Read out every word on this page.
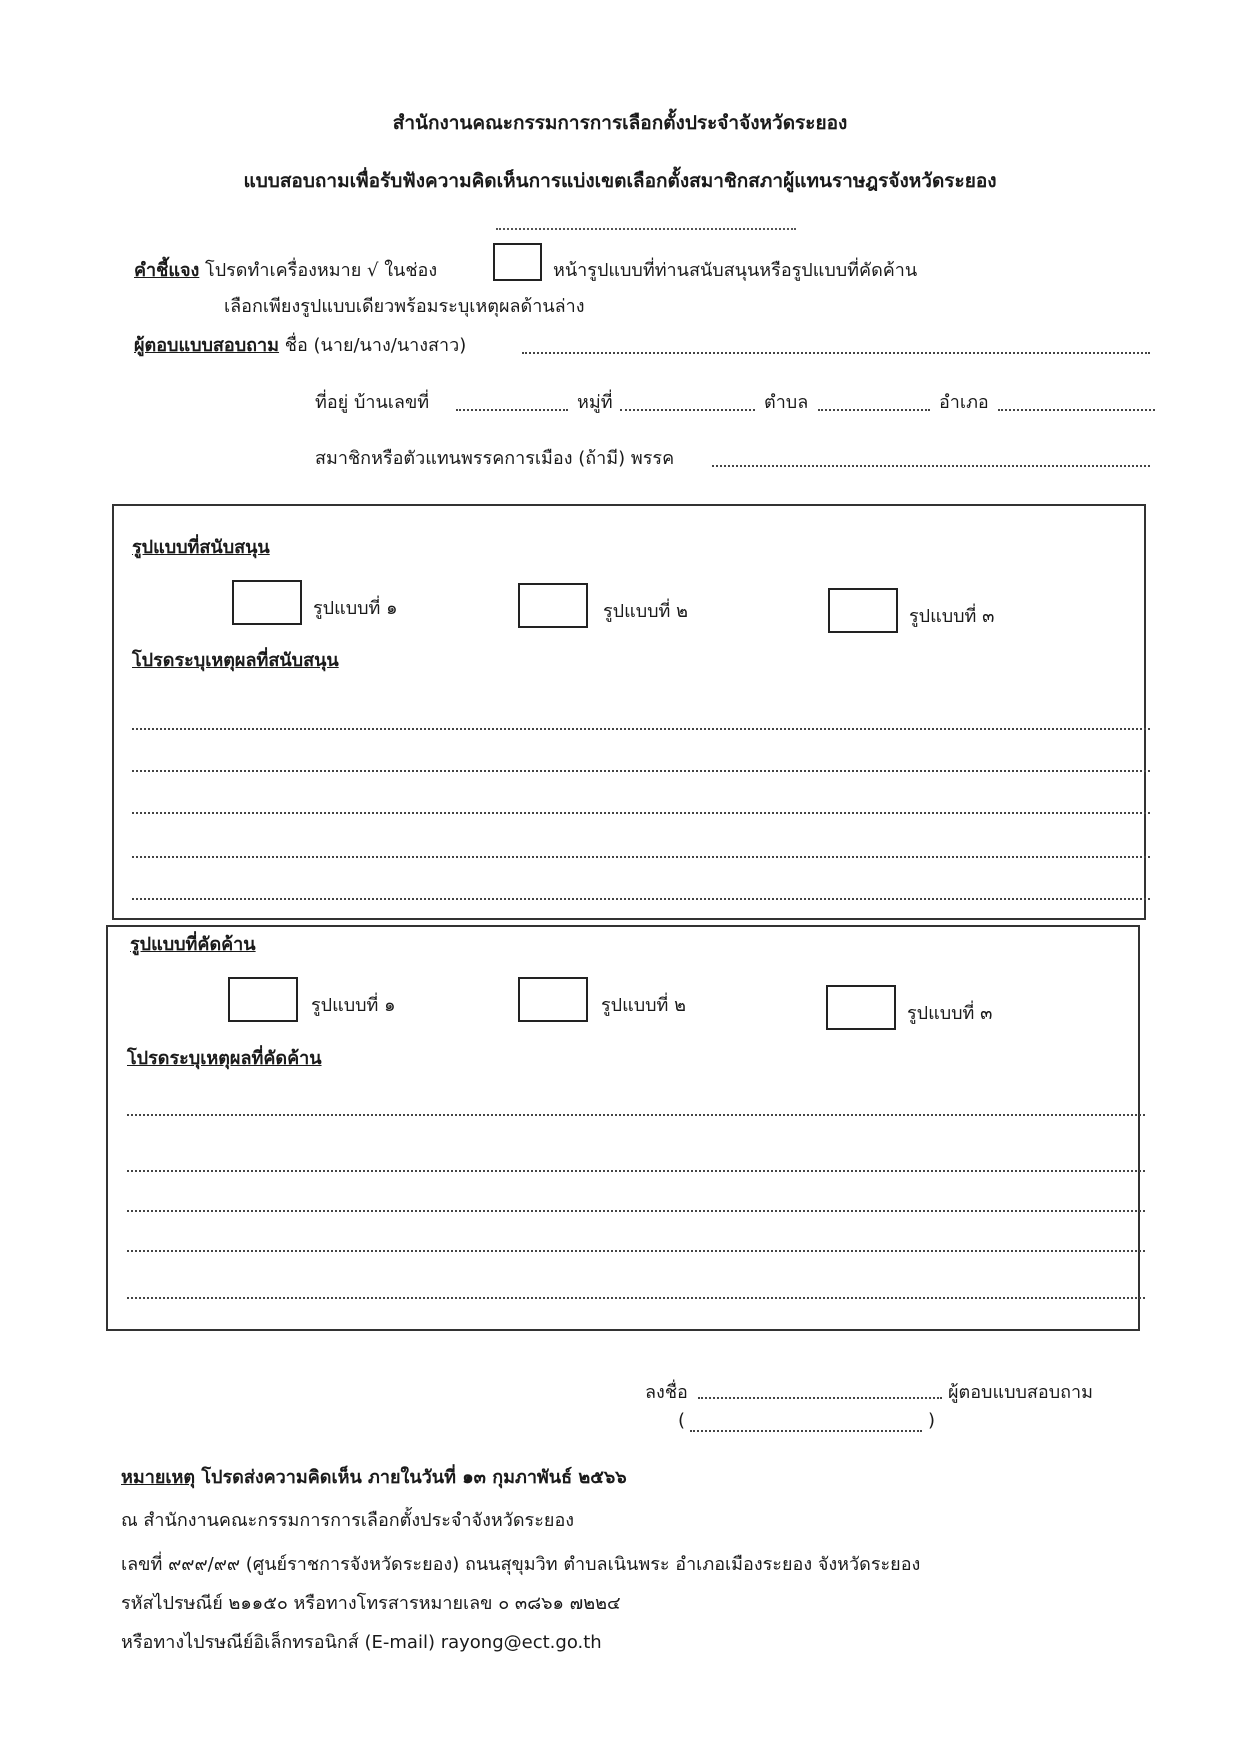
สำนักงานคณะกรรมการการเลือกตั้งประจำจังหวัดระยอง
แบบสอบถามเพื่อรับฟังความคิดเห็นการแบ่งเขตเลือกตั้งสมาชิกสภาผู้แทนราษฎรจังหวัดระยอง
คำชี้แจง โปรดทำเครื่องหมาย √ ในช่อง	หน้ารูปแบบที่ท่านสนับสนุนหรือรูปแบบที่คัดค้าน
เลือกเพียงรูปแบบเดียวพร้อมระบุเหตุผลด้านล่าง
ผู้ตอบแบบสอบถาม ชื่อ (นาย/นาง/นางสาว)
ที่อยู่ บ้านเลขที่	หมู่ที่	ตำบล	อำเภอ
สมาชิกหรือตัวแทนพรรคการเมือง (ถ้ามี) พรรค
รูปแบบที่สนับสนุน
รูปแบบที่ ๑	รูปแบบที่ ๒	รูปแบบที่ ๓
โปรดระบุเหตุผลที่สนับสนุน
รูปแบบที่คัดค้าน
รูปแบบที่ ๑	รูปแบบที่ ๒	รูปแบบที่ ๓
โปรดระบุเหตุผลที่คัดค้าน
ลงชื่อ	ผู้ตอบแบบสอบถาม
(	)
หมายเหตุ โปรดส่งความคิดเห็น ภายในวันที่ ๑๓ กุมภาพันธ์ ๒๕๖๖
ณ สำนักงานคณะกรรมการการเลือกตั้งประจำจังหวัดระยอง
เลขที่ ๙๙๙/๙๙ (ศูนย์ราชการจังหวัดระยอง) ถนนสุขุมวิท ตำบลเนินพระ อำเภอเมืองระยอง จังหวัดระยอง
รหัสไปรษณีย์ ๒๑๑๕๐ หรือทางโทรสารหมายเลข ๐ ๓๘๖๑ ๗๒๒๔
หรือทางไปรษณีย์อิเล็กทรอนิกส์ (E-mail) rayong@ect.go.th
